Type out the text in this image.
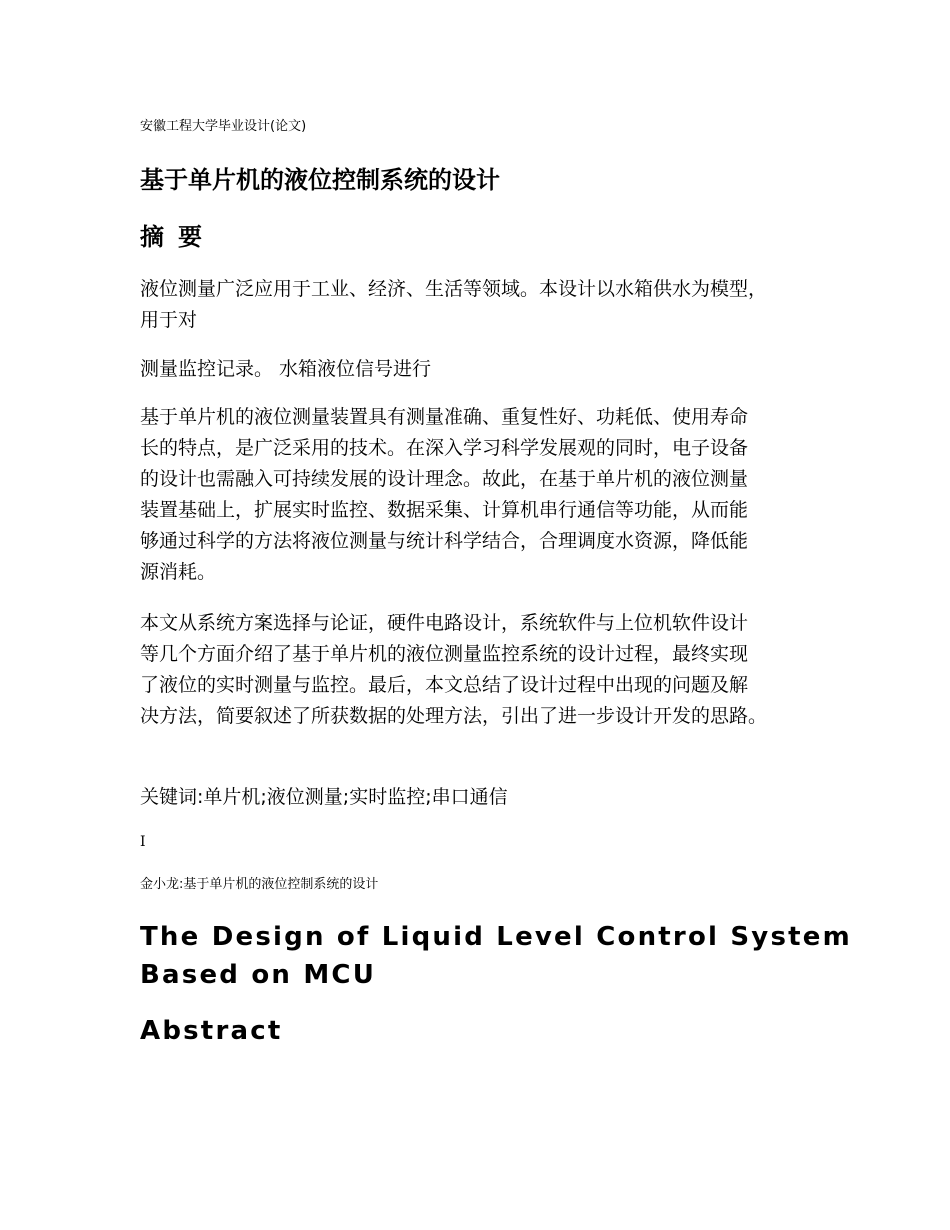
安徽工程大学毕业设计(论文)

基于单片机的液位控制系统的设计
摘 要

液位测量广泛应用于工业、经济、生活等领域。本设计以水箱供水为模型，
用于对

测量监控记录。 水箱液位信号进行

基于单片机的液位测量装置具有测量准确、重复性好、功耗低、使用寿命
长的特点，是广泛采用的技术。在深入学习科学发展观的同时，电子设备
的设计也需融入可持续发展的设计理念。故此，在基于单片机的液位测量
装置基础上，扩展实时监控、数据采集、计算机串行通信等功能，从而能
够通过科学的方法将液位测量与统计科学结合，合理调度水资源，降低能
源消耗。

本文从系统方案选择与论证，硬件电路设计，系统软件与上位机软件设计
等几个方面介绍了基于单片机的液位测量监控系统的设计过程，最终实现
了液位的实时测量与监控。最后，本文总结了设计过程中出现的问题及解
决方法，简要叙述了所获数据的处理方法，引出了进一步设计开发的思路。

关键词:单片机;液位测量;实时监控;串口通信

I

金小龙:基于单片机的液位控制系统的设计

The Design of Liquid Level Control System
Based on MCU
Abstract
